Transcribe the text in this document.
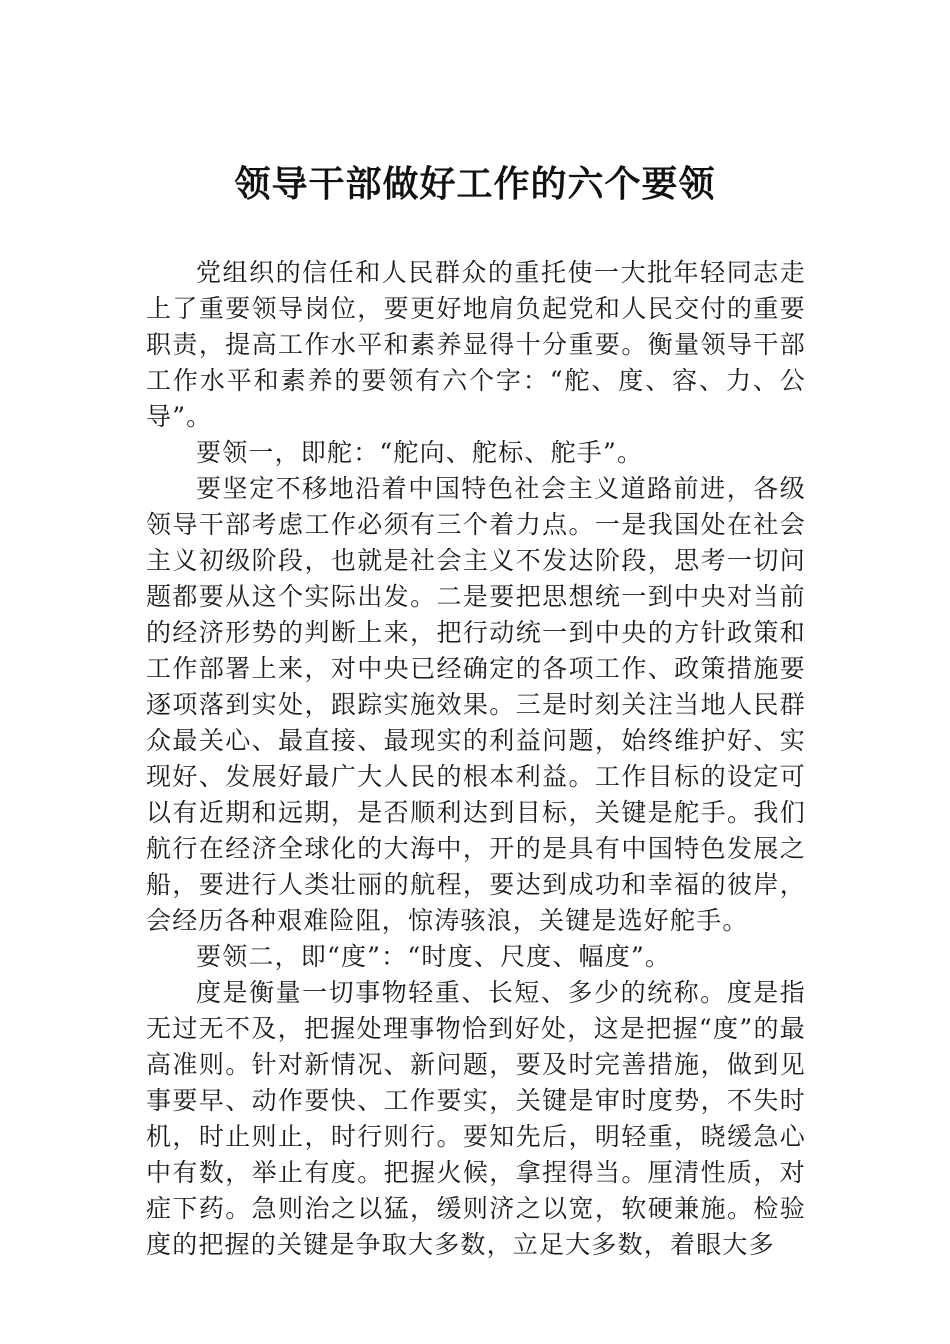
领导干部做好工作的六个要领

党组织的信任和人民群众的重托使一大批年轻同志走上了重要领导岗位，要更好地肩负起党和人民交付的重要职责，提高工作水平和素养显得十分重要。衡量领导干部工作水平和素养的要领有六个字：“舵、度、容、力、公导”。

要领一，即舵：“舵向、舵标、舵手”。

要坚定不移地沿着中国特色社会主义道路前进，各级领导干部考虑工作必须有三个着力点。一是我国处在社会主义初级阶段，也就是社会主义不发达阶段，思考一切问题都要从这个实际出发。二是要把思想统一到中央对当前的经济形势的判断上来，把行动统一到中央的方针政策和工作部署上来，对中央已经确定的各项工作、政策措施要逐项落到实处，跟踪实施效果。三是时刻关注当地人民群众最关心、最直接、最现实的利益问题，始终维护好、实现好、发展好最广大人民的根本利益。工作目标的设定可以有近期和远期，是否顺利达到目标，关键是舵手。我们航行在经济全球化的大海中，开的是具有中国特色发展之船，要进行人类壮丽的航程，要达到成功和幸福的彼岸，会经历各种艰难险阻，惊涛骇浪，关键是选好舵手。

要领二，即“度”：“时度、尺度、幅度”。

度是衡量一切事物轻重、长短、多少的统称。度是指无过无不及，把握处理事物恰到好处，这是把握“度”的最高准则。针对新情况、新问题，要及时完善措施，做到见事要早、动作要快、工作要实，关键是审时度势，不失时机，时止则止，时行则行。要知先后，明轻重，晓缓急心中有数，举止有度。把握火候，拿捏得当。厘清性质，对症下药。急则治之以猛，缓则济之以宽，软硬兼施。检验度的把握的关键是争取大多数，立足大多数，着眼大多
